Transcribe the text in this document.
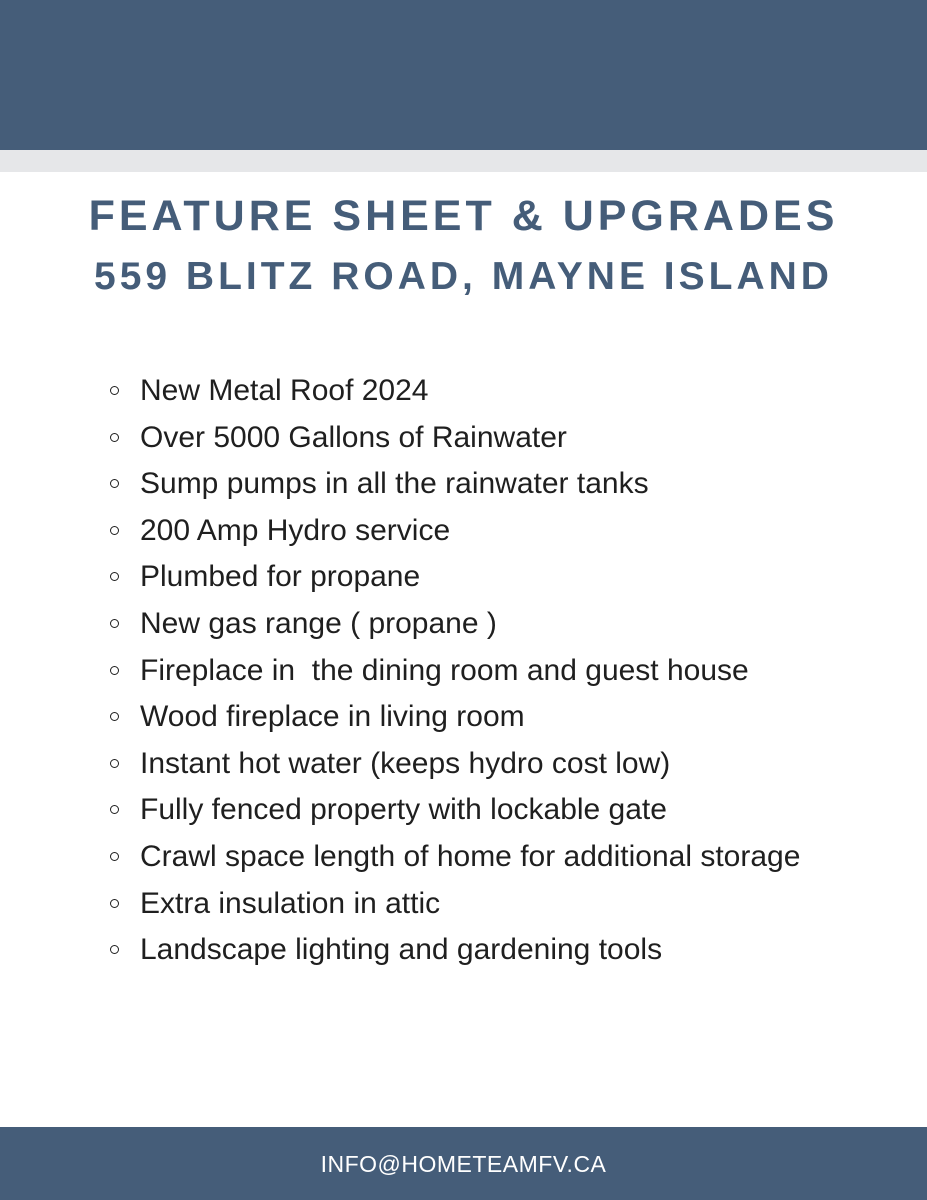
FEATURE SHEET & UPGRADES
559 BLITZ ROAD, MAYNE ISLAND
New Metal Roof 2024
Over 5000 Gallons of Rainwater
Sump pumps in all the rainwater tanks
200 Amp Hydro service
Plumbed for propane
New gas range ( propane )
Fireplace in  the dining room and guest house
Wood fireplace in living room
Instant hot water (keeps hydro cost low)
Fully fenced property with lockable gate
Crawl space length of home for additional storage
Extra insulation in attic
Landscape lighting and gardening tools
INFO@HOMETEAMFV.CA
